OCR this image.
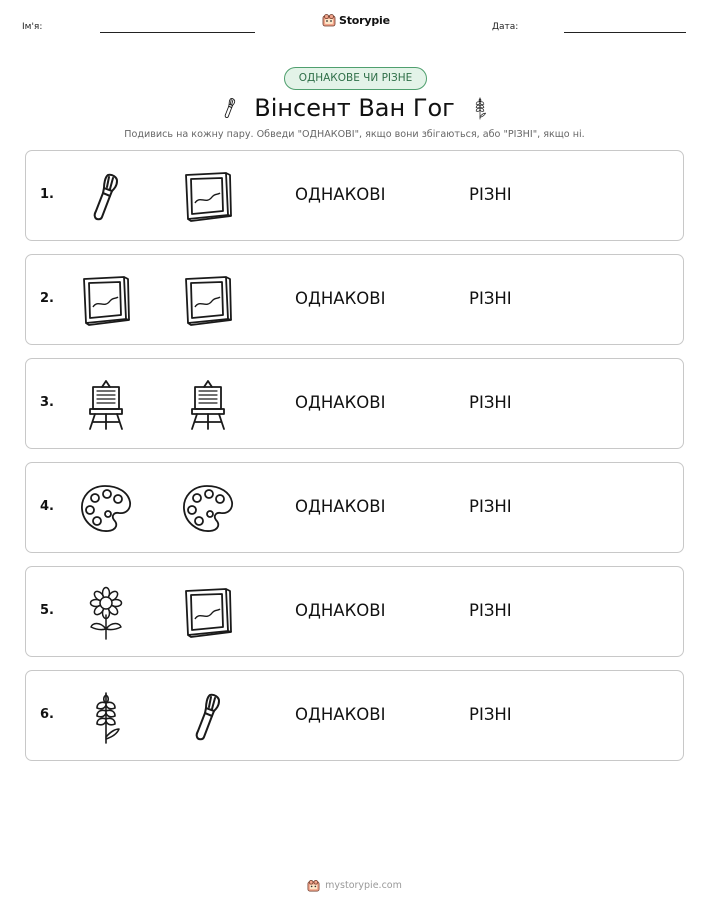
Ім'я:
Storypie
Дата:
ОДНАКОВЕ ЧИ РІЗНЕ
Вінсент Ван Гог
Подивись на кожну пару. Обведи "ОДНАКОВІ", якщо вони збігаються, або "РІЗНІ", якщо ні.
1.	ОДНАКОВІ	РІЗНІ
2.	ОДНАКОВІ	РІЗНІ
3.	ОДНАКОВІ	РІЗНІ
4.	ОДНАКОВІ	РІЗНІ
5.	ОДНАКОВІ	РІЗНІ
6.	ОДНАКОВІ	РІЗНІ
mystorypie.com
